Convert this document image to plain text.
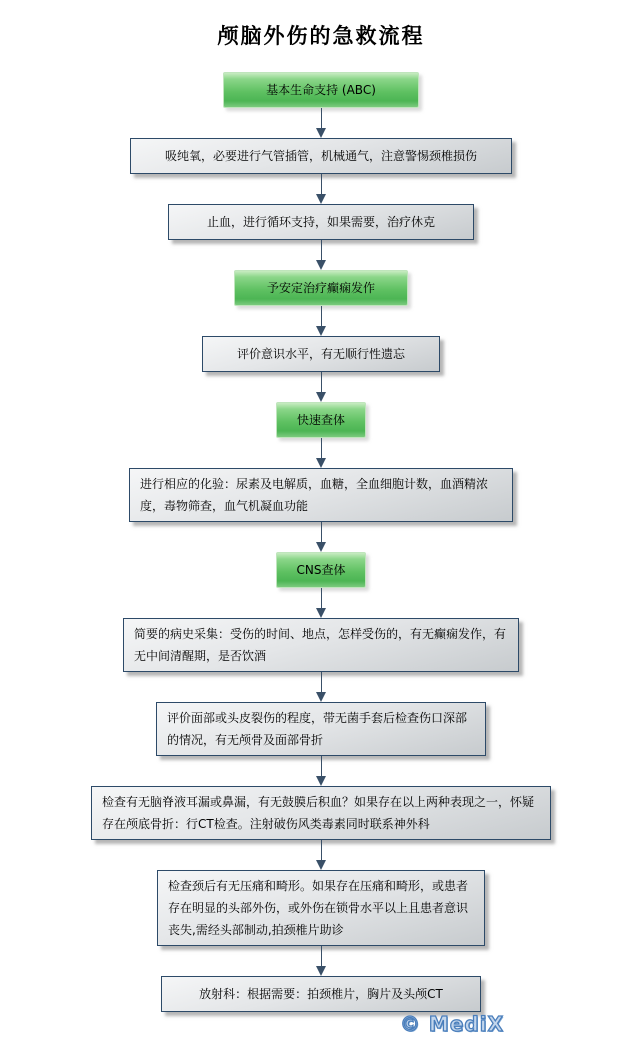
颅脑外伤的急救流程
基本生命支持 (ABC)
吸纯氧，必要进行气管插管，机械通气，注意警惕颈椎损伤
止血，进行循环支持，如果需要，治疗休克
予安定治疗癫痫发作
评价意识水平，有无顺行性遗忘
快速查体
进行相应的化验：尿素及电解质，血糖，全血细胞计数，血酒精浓度，毒物筛查，血气机凝血功能
CNS查体
简要的病史采集：受伤的时间、地点，怎样受伤的，有无癫痫发作，有无中间清醒期，是否饮酒
评价面部或头皮裂伤的程度，带无菌手套后检查伤口深部的情况，有无颅骨及面部骨折
检查有无脑脊液耳漏或鼻漏，有无鼓膜后积血？如果存在以上两种表现之一，怀疑存在颅底骨折：行CT检查。注射破伤风类毒素同时联系神外科
检查颈后有无压痛和畸形。如果存在压痛和畸形，或患者存在明显的头部外伤，或外伤在锁骨水平以上且患者意识丧失,需经头部制动,拍颈椎片助诊
放射科：根据需要：拍颈椎片，胸片及头颅CT
© MediX
